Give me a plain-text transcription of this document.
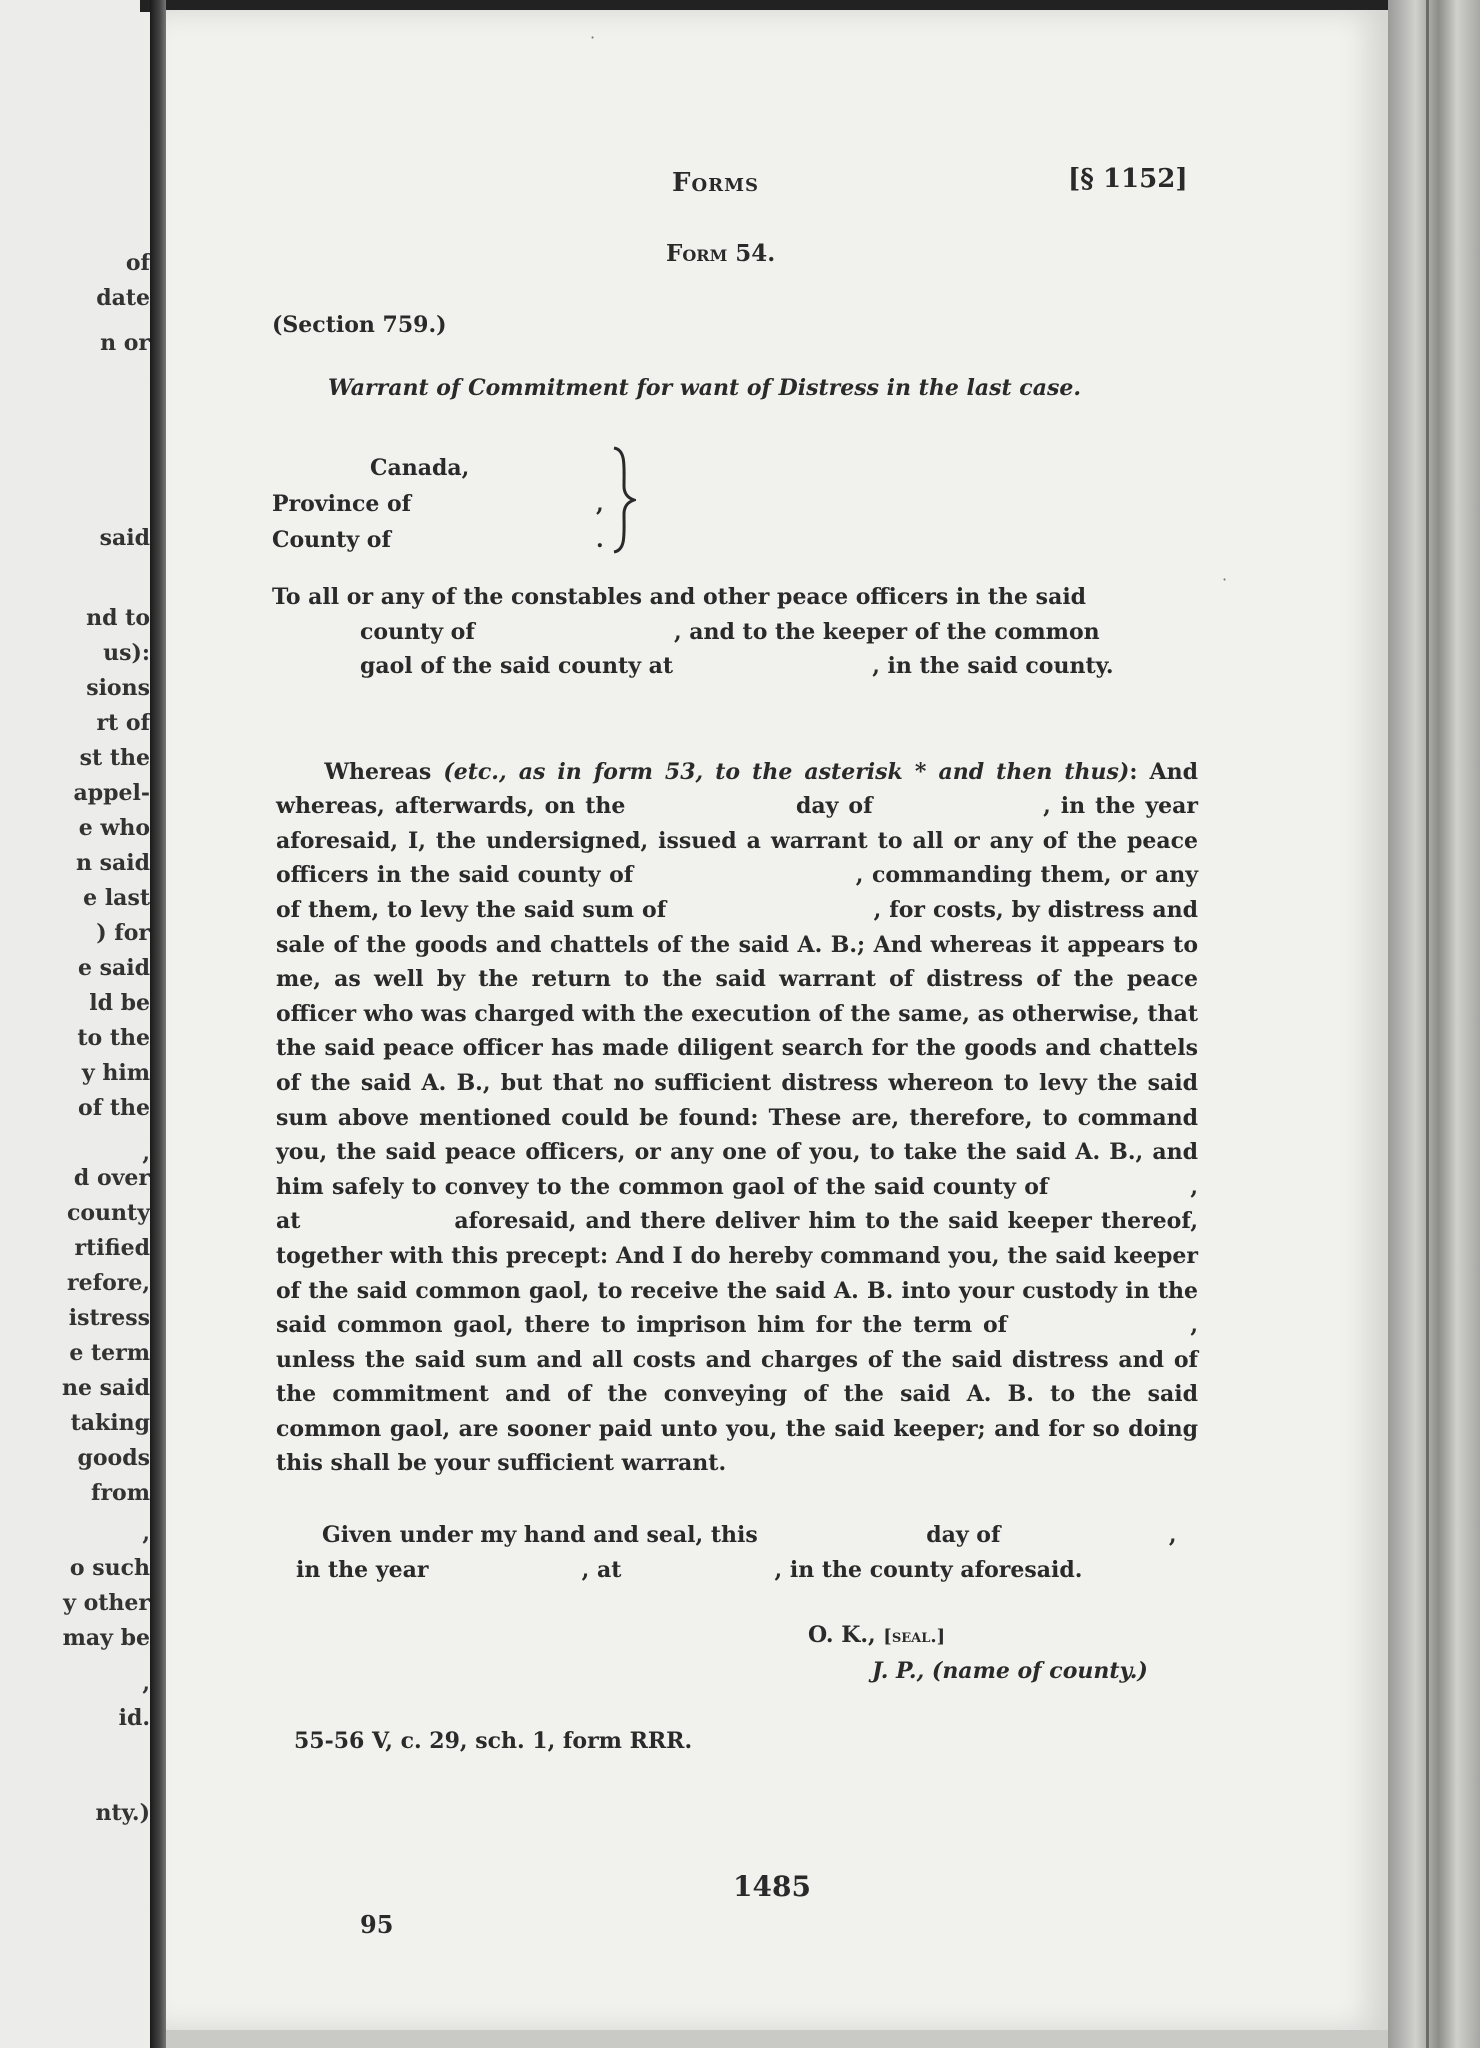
of
date
n or
said
nd to
us):
sions
rt of
st the
appel-
e who
n said
e last
) for
e said
ld be
to the
y him
of the
,
d over
county
rtified
refore,
istress
e term
ne said
taking
goods
from
,
o such
y other
may be
,
id.
nty.)
Forms	[§ 1152]
Form 54.
(Section 759.)
Warrant of Commitment for want of Distress in the last case.
Canada,
Province of
County of
,
.

To all or any of the constables and other peace officers in the said

county of                          , and to the keeper of the common

gaol of the said county at                          , in the said county.

Whereas (etc., as in form 53, to the asterisk * and then thus): And whereas, afterwards, on the                 day of                 , in the year aforesaid, I, the undersigned, issued a warrant to all or any of the peace officers in the said county of                          , commanding them, or any of them, to levy the said sum of                          , for costs, by distress and sale of the goods and chattels of the said A. B.; And whereas it appears to me, as well by the return to the said warrant of distress of the peace officer who was charged with the execution of the same, as otherwise, that the said peace officer has made diligent search for the goods and chattels of the said A. B., but that no sufficient distress whereon to levy the said sum above mentioned could be found: These are, therefore, to command you, the said peace officers, or any one of you, to take the said A. B., and him safely to convey to the common gaol of the said county of                 , at                 aforesaid, and there deliver him to the said keeper thereof, together with this precept: And I do hereby command you, the said keeper of the said common gaol, to receive the said A. B. into your custody in the said common gaol, there to imprison him for the term of                 , unless the said sum and all costs and charges of the said distress and of the commitment and of the conveying of the said A. B. to the said common gaol, are sooner paid unto you, the said keeper; and for so doing this shall be your sufficient warrant.

Given under my hand and seal, this                      day of                      ,

in the year                    , at                    , in the county aforesaid.

O. K., [seal.]
J. P., (name of county.)
55-56 V, c. 29, sch. 1, form RRR.
1485
95
·
·
